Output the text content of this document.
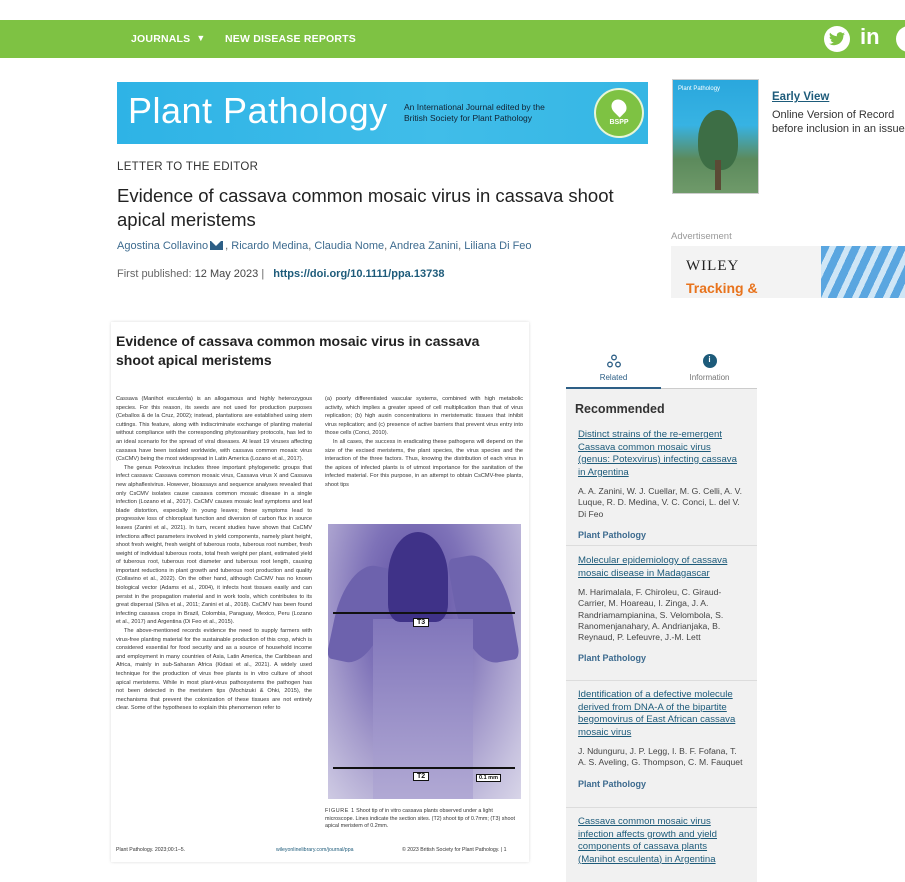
JOURNALS ▼ NEW DISEASE REPORTS	in
Plant Pathology An International Journal edited by the British Society for Plant Pathology	BSPP
LETTER TO THE EDITOR
Evidence of cassava common mosaic virus in cassava shoot apical meristems
Agostina Collavino , Ricardo Medina, Claudia Nome, Andrea Zanini, Liliana Di Feo
First published: 12 May 2023 | https://doi.org/10.1111/ppa.13738
Evidence of cassava common mosaic virus in cassava shoot apical meristems

Cassava (Manihot esculenta) is an allogamous and highly heterozygous species. For this reason, its seeds are not used for production purposes (Ceballos & de la Cruz, 2002); instead, plantations are established using stem cuttings. This feature, along with indiscriminate exchange of planting material without compliance with the corresponding phytosanitary protocols, has led to an ideal scenario for the spread of viral diseases. At least 19 viruses affecting cassava have been isolated worldwide, with cassava common mosaic virus (CsCMV) being the most widespread in Latin America (Lozano et al., 2017).

The genus Potexvirus includes three important phylogenetic groups that infect cassava: Cassava common mosaic virus, Cassava virus X and Cassava new alphaflexivirus. However, bioassays and sequence analyses revealed that only CsCMV isolates cause cassava common mosaic disease in a single infection (Lozano et al., 2017). CsCMV causes mosaic leaf symptoms and leaf blade distortion, especially in young leaves; these symptoms lead to progressive loss of chloroplast function and diversion of carbon flux in source leaves (Zanini et al., 2021). In turn, recent studies have shown that CsCMV infections affect parameters involved in yield components, namely plant height, shoot fresh weight, fresh weight of tuberous roots, tuberous root number, fresh weight of individual tuberous roots, total fresh weight per plant, estimated yield of tuberous root, tuberous root diameter and tuberous root length, causing important reductions in plant growth and tuberous root production and quality (Collavino et al., 2022). On the other hand, although CsCMV has no known biological vector (Adams et al., 2004), it infects host tissues easily and can persist in the propagation material and in work tools, which contributes to its great dispersal (Silva et al., 2011; Zanini et al., 2018). CsCMV has been found infecting cassava crops in Brazil, Colombia, Paraguay, Mexico, Peru (Lozano et al., 2017) and Argentina (Di Feo et al., 2015).

The above-mentioned records evidence the need to supply farmers with virus-free planting material for the sustainable production of this crop, which is considered essential for food security and as a source of household income and employment in many countries of Asia, Latin America, the Caribbean and Africa, mainly in sub-Saharan Africa (Kidasi et al., 2021). A widely used technique for the production of virus free plants is in vitro culture of shoot apical meristems. While in most plant-virus pathosystems the pathogen has not been detected in the meristem tips (Mochizuki & Ohki, 2015), the mechanisms that prevent the colonization of these tissues are not entirely clear. Some of the hypotheses to explain this phenomenon refer to

(a) poorly differentiated vascular systems, combined with high metabolic activity, which implies a greater speed of cell multiplication than that of virus replication; (b) high auxin concentrations in meristematic tissues that inhibit virus replication; and (c) presence of active barriers that prevent virus entry into those cells (Conci, 2010).

In all cases, the success in eradicating these pathogens will depend on the size of the excised meristems, the plant species, the virus species and the interaction of the three factors. Thus, knowing the distribution of each virus in the apices of infected plants is of utmost importance for the sanitation of the infected material. For this purpose, in an attempt to obtain CsCMV-free plants, shoot tips

T3
T2	0.1 mm
FIGURE 1 Shoot tip of in vitro cassava plants observed under a light microscope. Lines indicate the section sites. (T2) shoot tip of 0.7mm; (T3) shoot apical meristem of 0.2mm.
Plant Pathology. 2023;00:1–5.	wileyonlinelibrary.com/journal/ppa	© 2023 British Society for Plant Pathology. | 1
Plant Pathology
Early View
Online Version of Record
before inclusion in an issue
Advertisement
WILEY
Tracking &
Related
i
Information
Recommended
Distinct strains of the re-emergent Cassava common mosaic virus (genus: Potexvirus) infecting cassava in Argentina
A. A. Zanini, W. J. Cuellar, M. G. Celli, A. V. Luque, R. D. Medina, V. C. Conci, L. del V. Di Feo
Plant Pathology
Molecular epidemiology of cassava mosaic disease in Madagascar
M. Harimalala, F. Chiroleu, C. Giraud-Carrier, M. Hoareau, I. Zinga, J. A. Randriamampianina, S. Velombola, S. Ranomenjanahary, A. Andrianjaka, B. Reynaud, P. Lefeuvre, J.-M. Lett
Plant Pathology
Identification of a defective molecule derived from DNA-A of the bipartite begomovirus of East African cassava mosaic virus
J. Ndunguru, J. P. Legg, I. B. F. Fofana, T. A. S. Aveling, G. Thompson, C. M. Fauquet
Plant Pathology
Cassava common mosaic virus infection affects growth and yield components of cassava plants (Manihot esculenta) in Argentina
